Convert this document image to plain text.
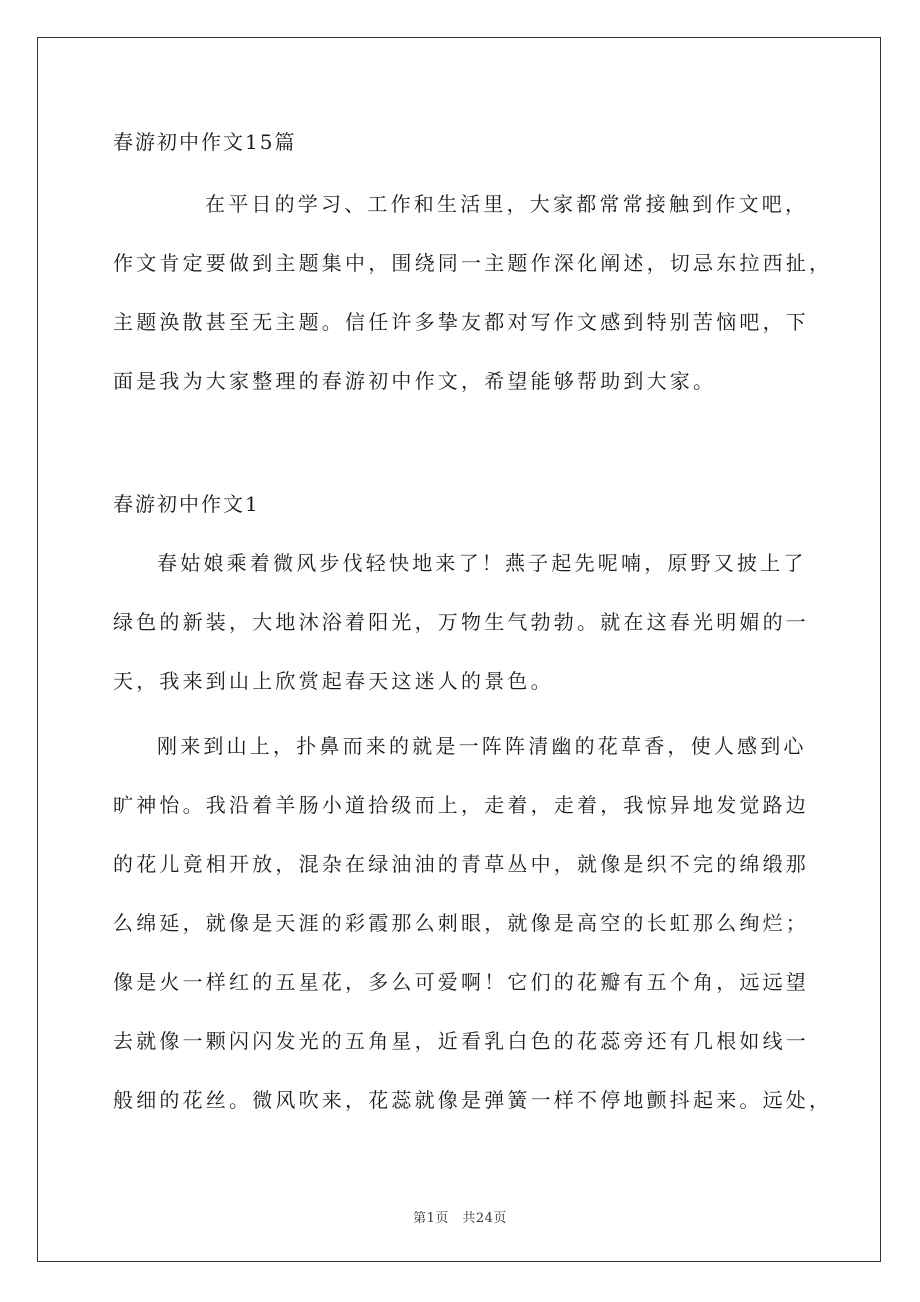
春游初中作文15篇
在平日的学习、工作和生活里，大家都常常接触到作文吧，
作文肯定要做到主题集中，围绕同一主题作深化阐述，切忌东拉西扯，
主题涣散甚至无主题。信任许多挚友都对写作文感到特别苦恼吧，下
面是我为大家整理的春游初中作文，希望能够帮助到大家。
春游初中作文1
春姑娘乘着微风步伐轻快地来了！燕子起先呢喃，原野又披上了
绿色的新装，大地沐浴着阳光，万物生气勃勃。就在这春光明媚的一
天，我来到山上欣赏起春天这迷人的景色。
刚来到山上，扑鼻而来的就是一阵阵清幽的花草香，使人感到心
旷神怡。我沿着羊肠小道拾级而上，走着，走着，我惊异地发觉路边
的花儿竟相开放，混杂在绿油油的青草丛中，就像是织不完的绵缎那
么绵延，就像是天涯的彩霞那么刺眼，就像是高空的长虹那么绚烂；
像是火一样红的五星花，多么可爱啊！它们的花瓣有五个角，远远望
去就像一颗闪闪发光的五角星，近看乳白色的花蕊旁还有几根如线一
般细的花丝。微风吹来，花蕊就像是弹簧一样不停地颤抖起来。远处，
第1页　共24页
